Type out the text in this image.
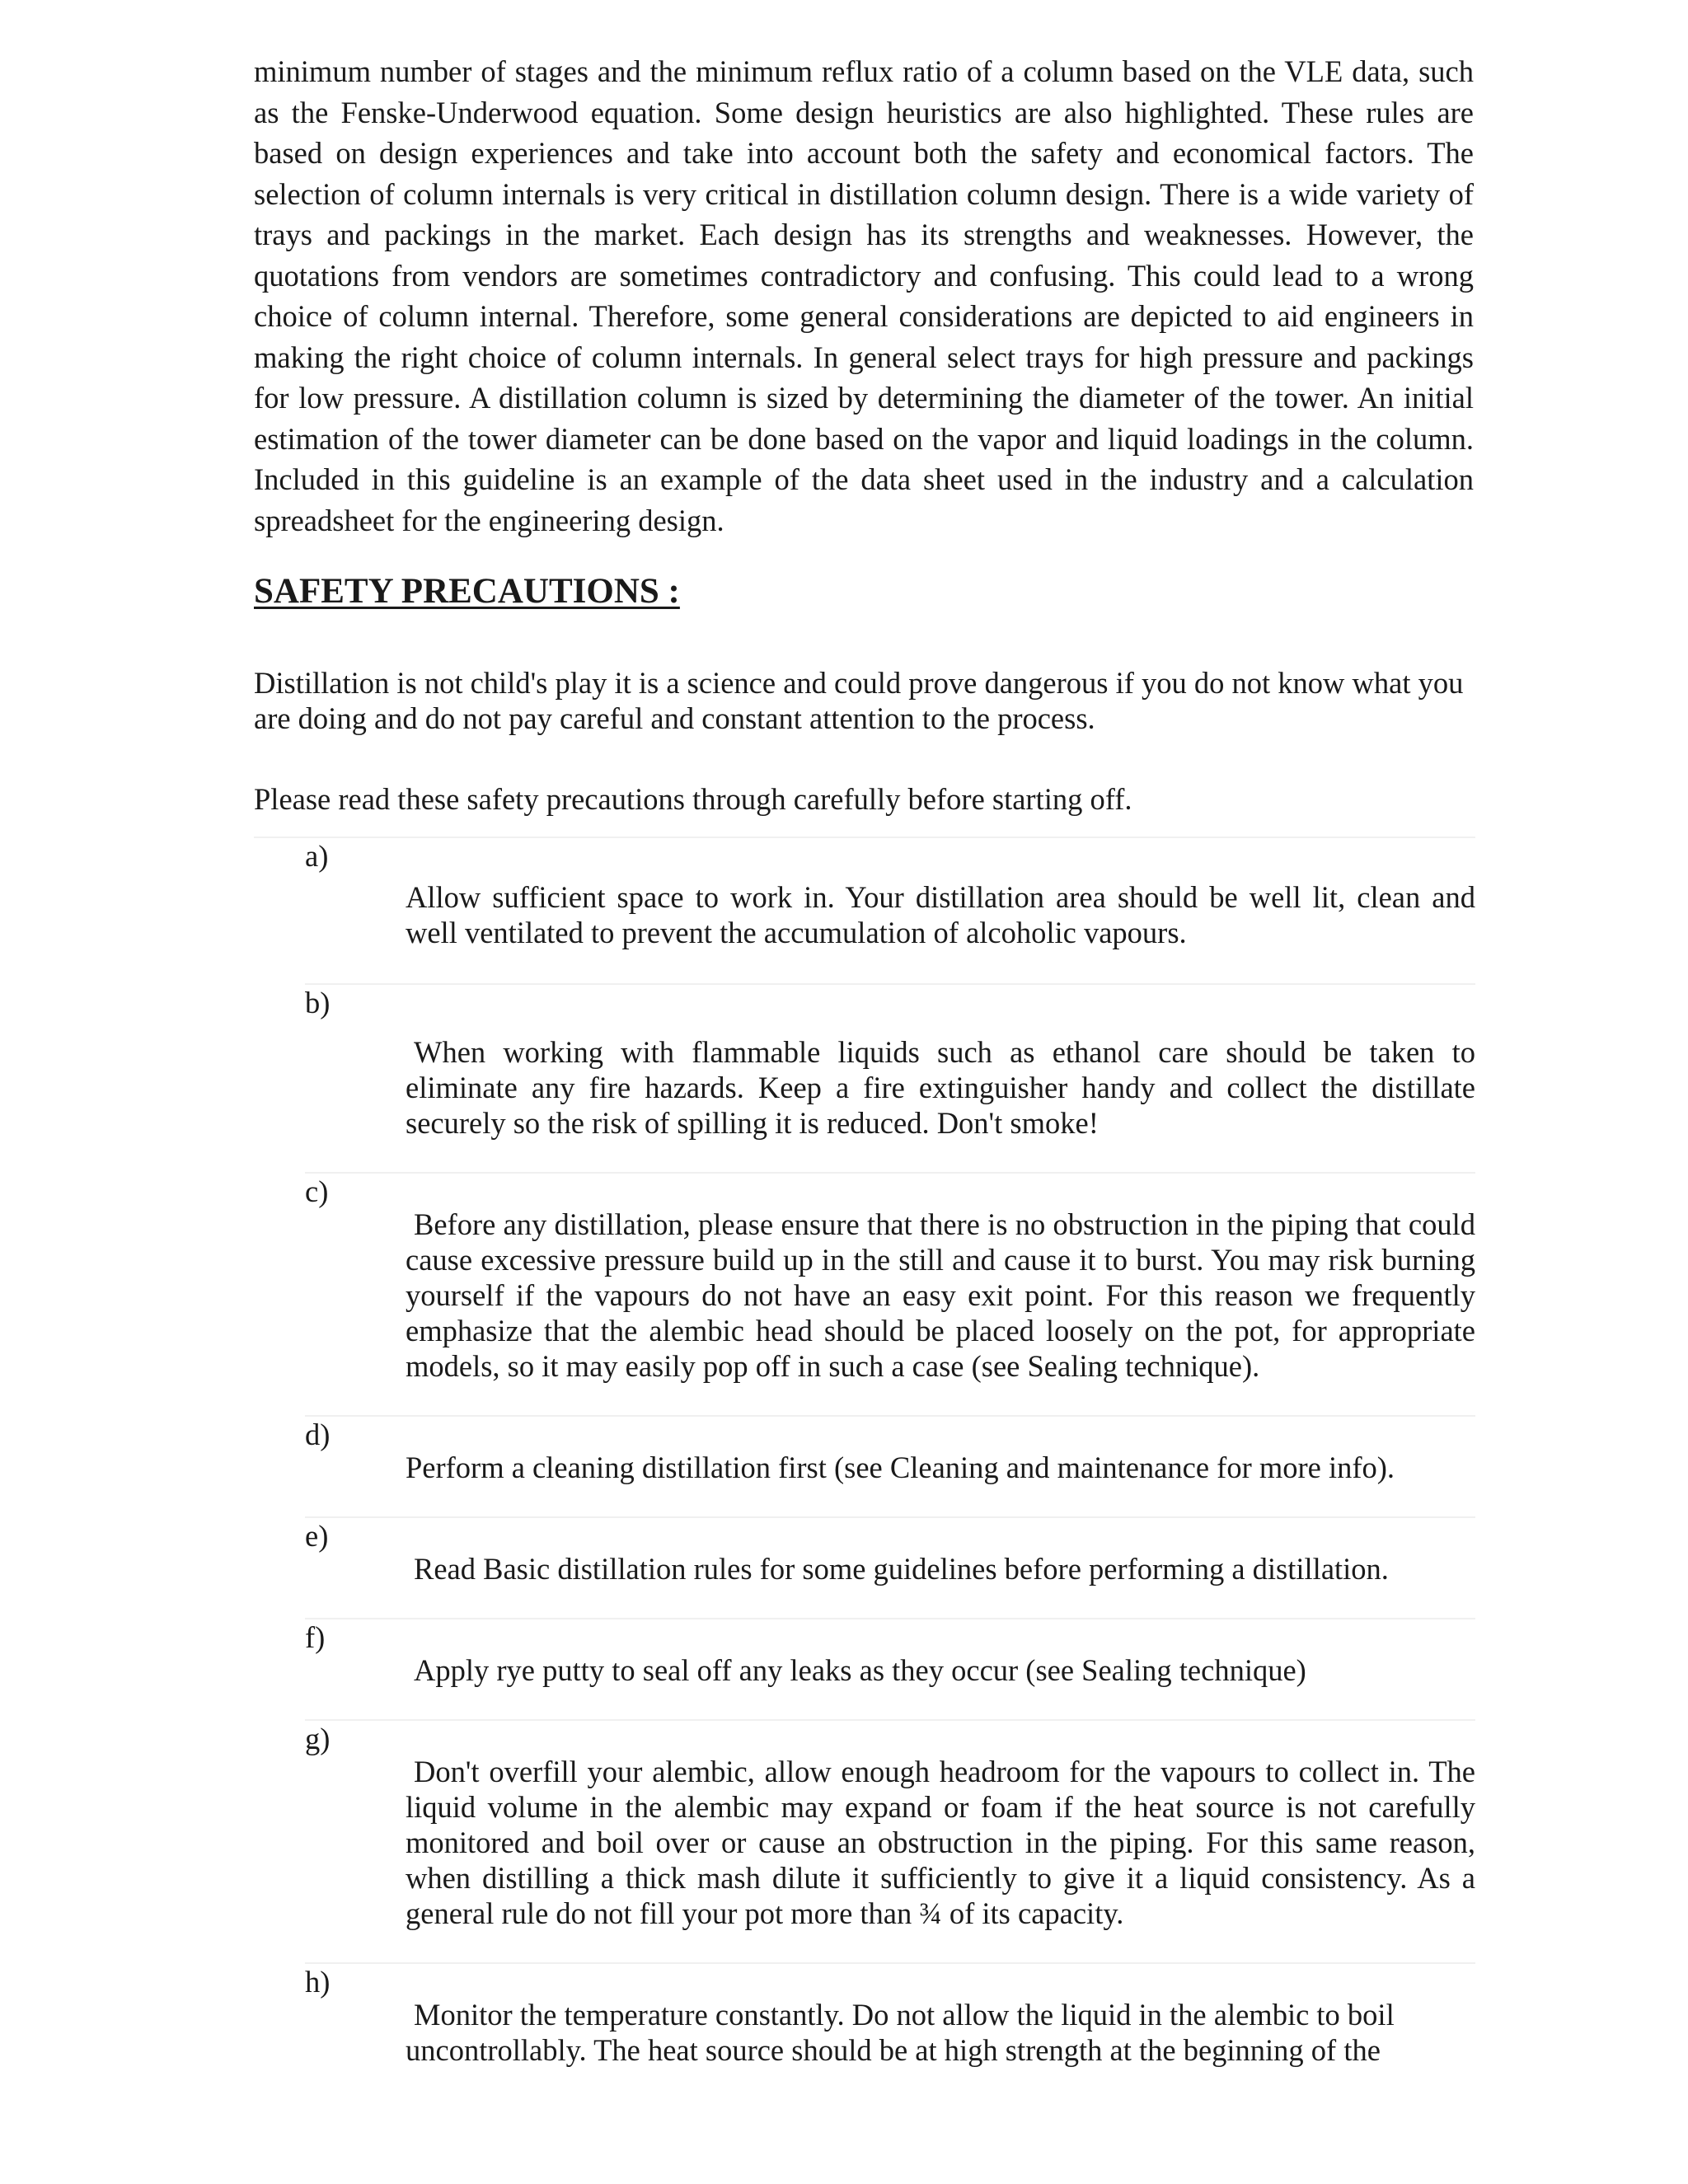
minimum number of stages and the minimum reflux ratio of a column based on the VLE data, such as the Fenske-Underwood equation. Some design heuristics are also highlighted. These rules are based on design experiences and take into account both the safety and economical factors. The selection of column internals is very critical in distillation column design. There is a wide variety of trays and packings in the market. Each design has its strengths and weaknesses. However, the quotations from vendors are sometimes contradictory and confusing. This could lead to a wrong choice of column internal. Therefore, some general considerations are depicted to aid engineers in making the right choice of column internals. In general select trays for high pressure and packings for low pressure. A distillation column is sized by determining the diameter of the tower. An initial estimation of the tower diameter can be done based on the vapor and liquid loadings in the column. Included in this guideline is an example of the data sheet used in the industry and a calculation spreadsheet for the engineering design.

SAFETY PRECAUTIONS :

Distillation is not child's play it is a science and could prove dangerous if you do not know what you are doing and do not pay careful and constant attention to the process.

Please read these safety precautions through carefully before starting off.

a)
Allow sufficient space to work in. Your distillation area should be well lit, clean and well ventilated to prevent the accumulation of alcoholic vapours.
b)
When working with flammable liquids such as ethanol care should be taken to eliminate any fire hazards. Keep a fire extinguisher handy and collect the distillate securely so the risk of spilling it is reduced. Don't smoke!
c)
Before any distillation, please ensure that there is no obstruction in the piping that could cause excessive pressure build up in the still and cause it to burst. You may risk burning yourself if the vapours do not have an easy exit point. For this reason we frequently emphasize that the alembic head should be placed loosely on the pot, for appropriate models, so it may easily pop off in such a case (see Sealing technique).
d)
Perform a cleaning distillation first (see Cleaning and maintenance for more info).
e)
Read Basic distillation rules for some guidelines before performing a distillation.
f)
Apply rye putty to seal off any leaks as they occur (see Sealing technique)
g)
Don't overfill your alembic, allow enough headroom for the vapours to collect in. The liquid volume in the alembic may expand or foam if the heat source is not carefully monitored and boil over or cause an obstruction in the piping. For this same reason, when distilling a thick mash dilute it sufficiently to give it a liquid consistency. As a general rule do not fill your pot more than ¾ of its capacity.
h)
Monitor the temperature constantly. Do not allow the liquid in the alembic to boil uncontrollably. The heat source should be at high strength at the beginning of the
